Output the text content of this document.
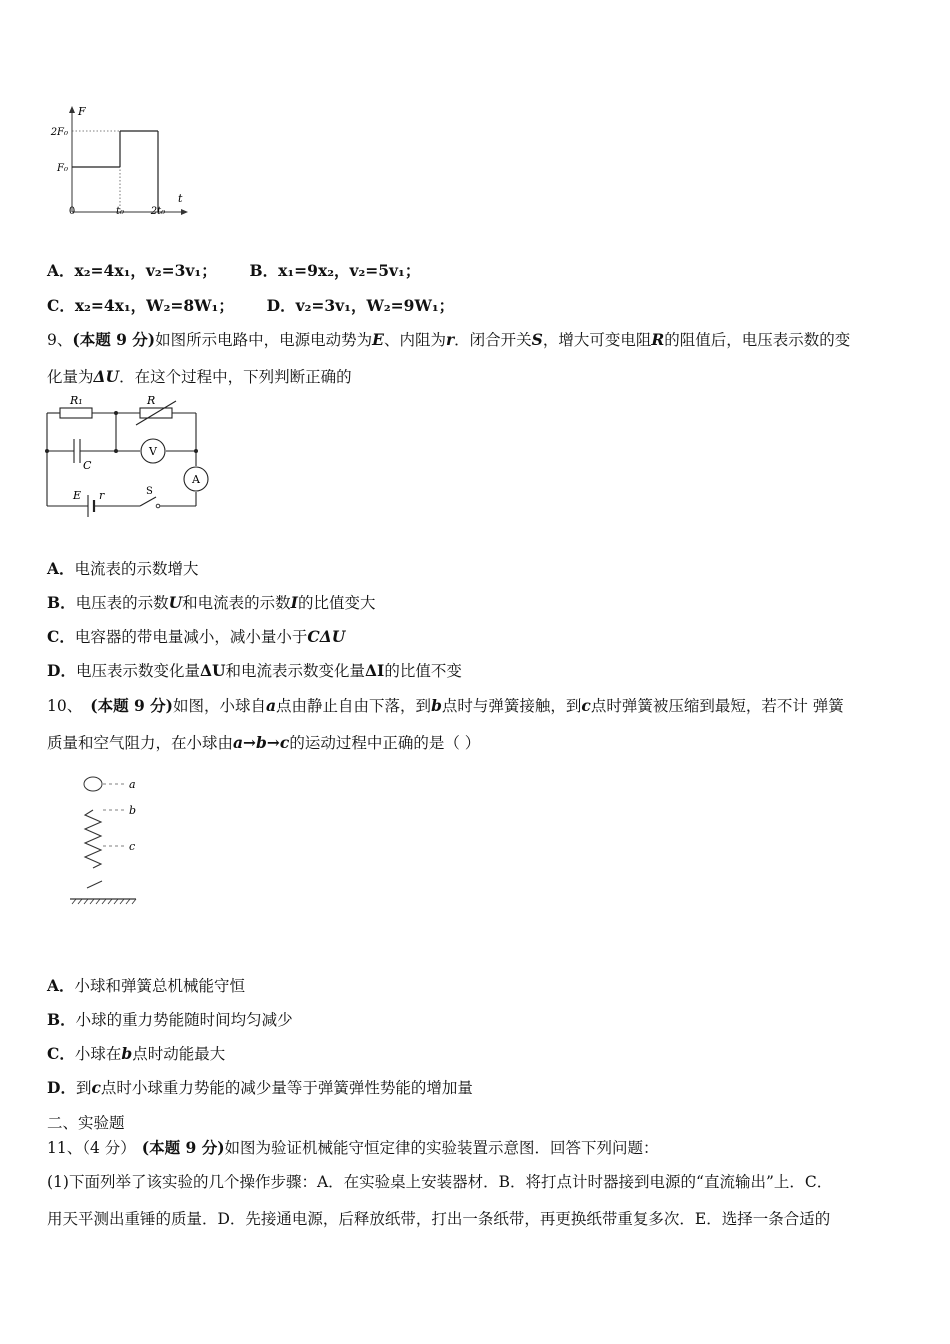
F
t
2F₀
F₀
0	t₀	2t₀
A．x₂=4x₁，v₂=3v₁； B．x₁=9x₂，v₂=5v₁；
C．x₂=4x₁，W₂=8W₁； D．v₂=3v₁，W₂=9W₁；
9、(本题 9 分)如图所示电路中，电源电动势为E、内阻为r．闭合开关S，增大可变电阻R的阻值后，电压表示数的变
化量为ΔU．在这个过程中，下列判断正确的
R₁	R
C
V
A
E r	S
A．电流表的示数增大
B．电压表的示数U和电流表的示数I的比值变大
C．电容器的带电量减小，减小量小于CΔU
D．电压表示数变化量ΔU和电流表示数变化量ΔI的比值不变
10、 (本题 9 分)如图，小球自a点由静止自由下落，到b点时与弹簧接触，到c点时弹簧被压缩到最短，若不计 弹簧
质量和空气阻力，在小球由a→b→c的运动过程中正确的是（ ）
a
b
c
A．小球和弹簧总机械能守恒
B．小球的重力势能随时间均匀减少
C．小球在b点时动能最大
D．到c点时小球重力势能的减少量等于弹簧弹性势能的增加量
二、实验题
11、（4 分） (本题 9 分)如图为验证机械能守恒定律的实验装置示意图．回答下列问题：
(1)下面列举了该实验的几个操作步骤：A．在实验桌上安装器材．B．将打点计时器接到电源的“直流输出”上．C．
用天平测出重锤的质量．D．先接通电源，后释放纸带，打出一条纸带，再更换纸带重复多次．E．选择一条合适的
